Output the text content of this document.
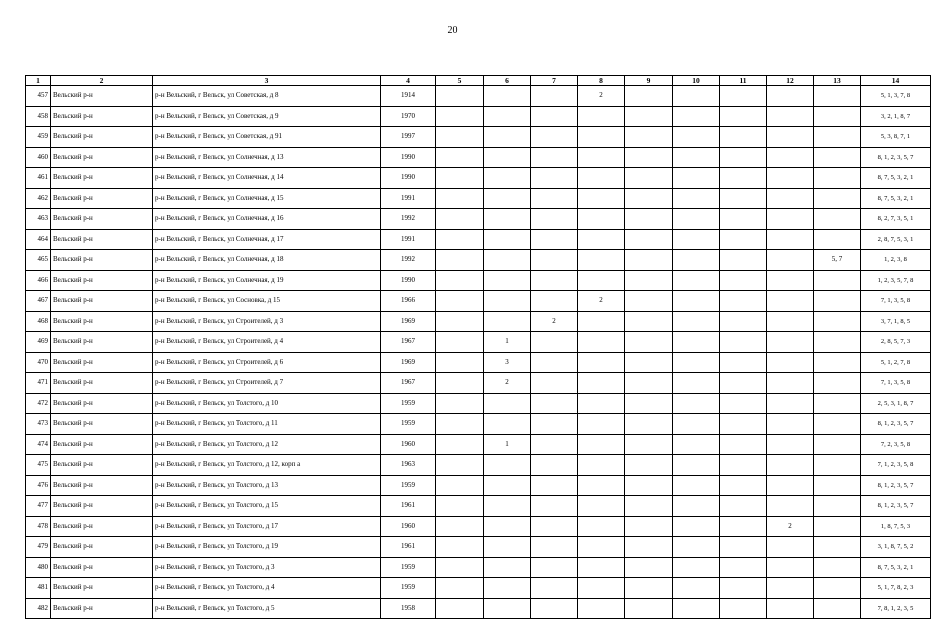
20
1	2	3	4	5	6	7	8	9	10	11	12	13	14
457	Вельский р-н	р-н Вельский, г Вельск, ул Советская, д 8	1914				2						5, 1, 3, 7, 8
458	Вельский р-н	р-н Вельский, г Вельск, ул Советская, д 9	1970										3, 2, 1, 8, 7
459	Вельский р-н	р-н Вельский, г Вельск, ул Советская, д 91	1997										5, 3, 8, 7, 1
460	Вельский р-н	р-н Вельский, г Вельск, ул Солнечная, д 13	1990										8, 1, 2, 3, 5, 7
461	Вельский р-н	р-н Вельский, г Вельск, ул Солнечная, д 14	1990										8, 7, 5, 3, 2, 1
462	Вельский р-н	р-н Вельский, г Вельск, ул Солнечная, д 15	1991										8, 7, 5, 3, 2, 1
463	Вельский р-н	р-н Вельский, г Вельск, ул Солнечная, д 16	1992										8, 2, 7, 3, 5, 1
464	Вельский р-н	р-н Вельский, г Вельск, ул Солнечная, д 17	1991										2, 8, 7, 5, 3, 1
465	Вельский р-н	р-н Вельский, г Вельск, ул Солнечная, д 18	1992									5, 7	1, 2, 3, 8
466	Вельский р-н	р-н Вельский, г Вельск, ул Солнечная, д 19	1990										1, 2, 3, 5, 7, 8
467	Вельский р-н	р-н Вельский, г Вельск, ул Сосновка, д 15	1966				2						7, 1, 3, 5, 8
468	Вельский р-н	р-н Вельский, г Вельск, ул Строителей, д 3	1969			2							3, 7, 1, 8, 5
469	Вельский р-н	р-н Вельский, г Вельск, ул Строителей, д 4	1967		1								2, 8, 5, 7, 3
470	Вельский р-н	р-н Вельский, г Вельск, ул Строителей, д 6	1969		3								5, 1, 2, 7, 8
471	Вельский р-н	р-н Вельский, г Вельск, ул Строителей, д 7	1967		2								7, 1, 3, 5, 8
472	Вельский р-н	р-н Вельский, г Вельск, ул Толстого, д 10	1959										2, 5, 3, 1, 8, 7
473	Вельский р-н	р-н Вельский, г Вельск, ул Толстого, д 11	1959										8, 1, 2, 3, 5, 7
474	Вельский р-н	р-н Вельский, г Вельск, ул Толстого, д 12	1960		1								7, 2, 3, 5, 8
475	Вельский р-н	р-н Вельский, г Вельск, ул Толстого, д 12, корп а	1963										7, 1, 2, 3, 5, 8
476	Вельский р-н	р-н Вельский, г Вельск, ул Толстого, д 13	1959										8, 1, 2, 3, 5, 7
477	Вельский р-н	р-н Вельский, г Вельск, ул Толстого, д 15	1961										8, 1, 2, 3, 5, 7
478	Вельский р-н	р-н Вельский, г Вельск, ул Толстого, д 17	1960								2		1, 8, 7, 5, 3
479	Вельский р-н	р-н Вельский, г Вельск, ул Толстого, д 19	1961										3, 1, 8, 7, 5, 2
480	Вельский р-н	р-н Вельский, г Вельск, ул Толстого, д 3	1959										8, 7, 5, 3, 2, 1
481	Вельский р-н	р-н Вельский, г Вельск, ул Толстого, д 4	1959										5, 1, 7, 8, 2, 3
482	Вельский р-н	р-н Вельский, г Вельск, ул Толстого, д 5	1958										7, 8, 1, 2, 3, 5
